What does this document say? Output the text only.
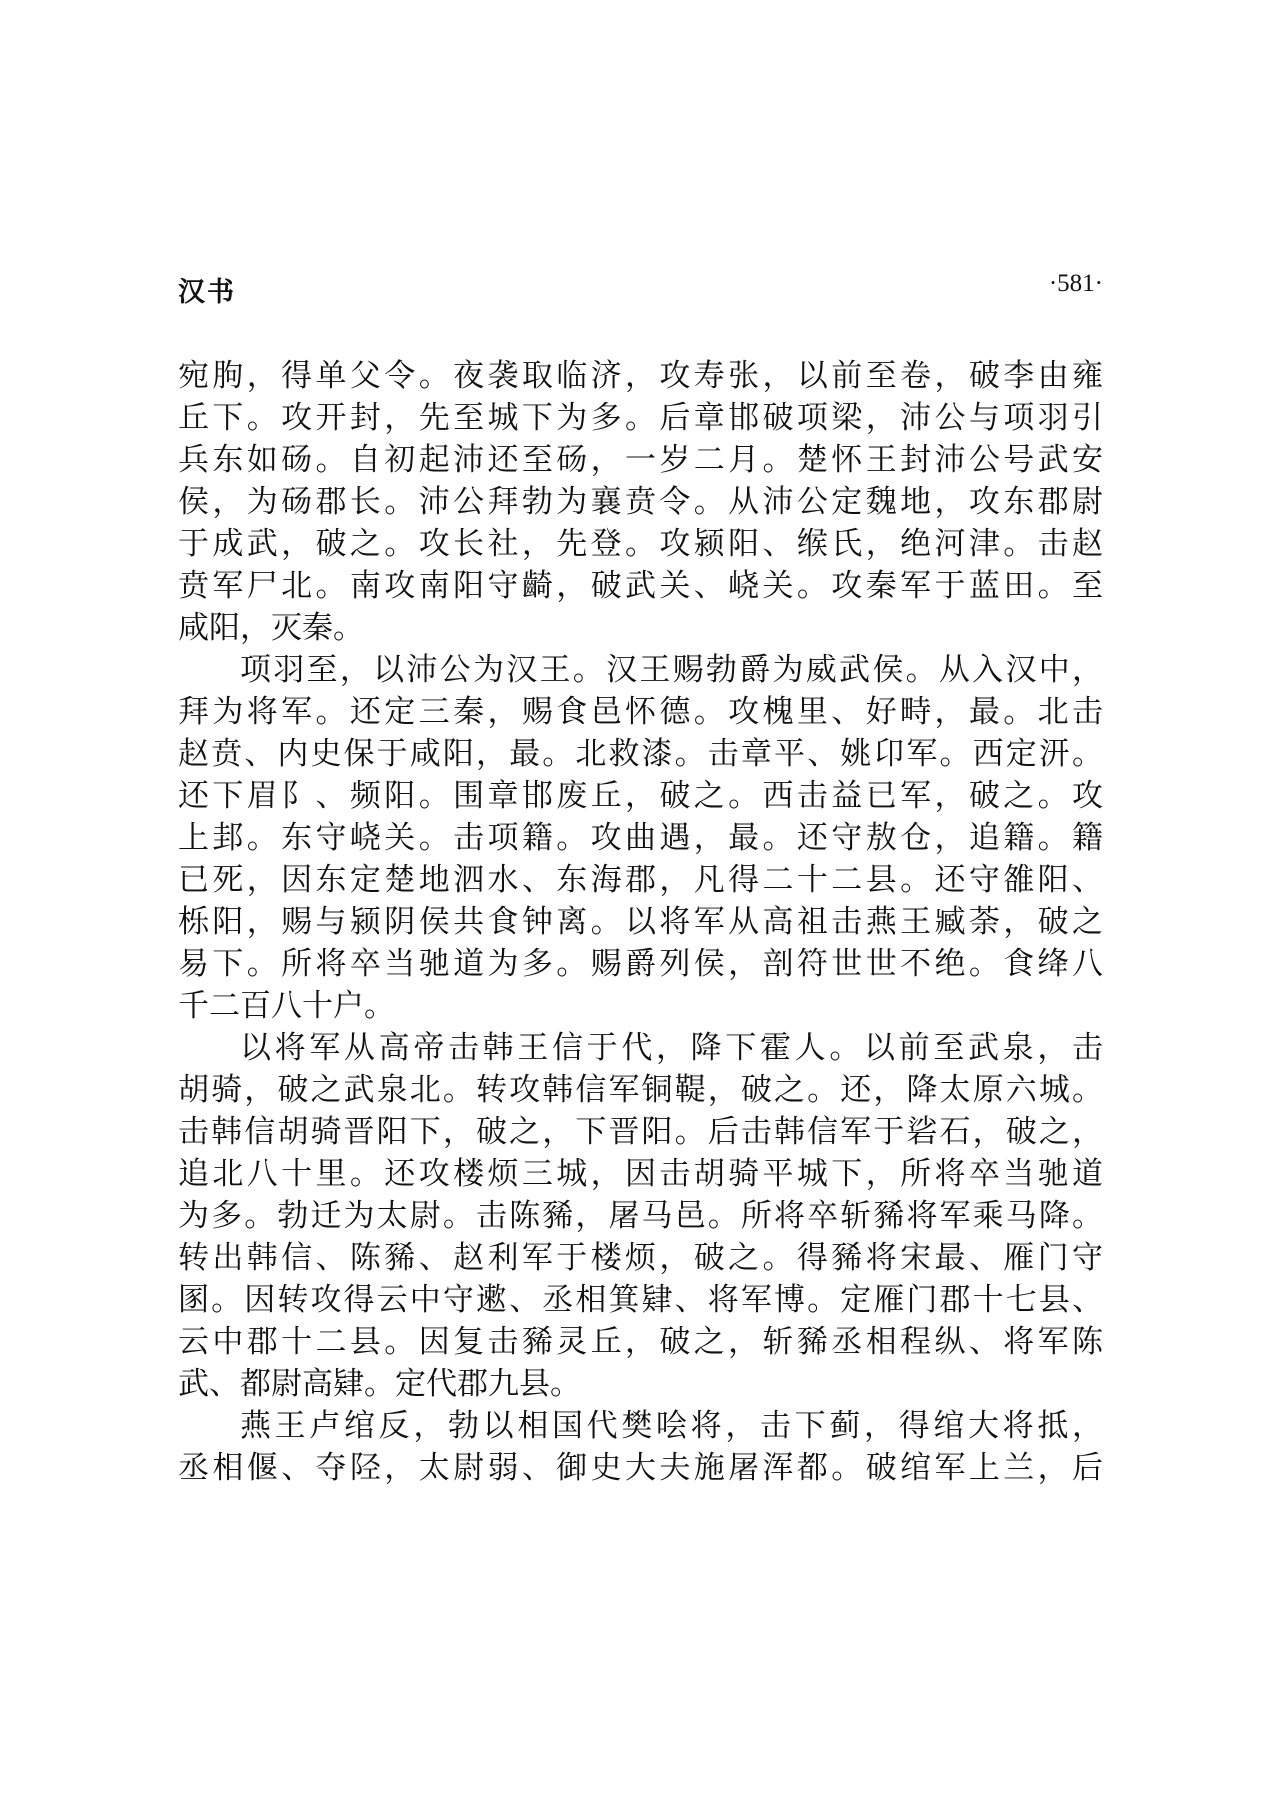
汉书	·581·
宛朐，得单父令。夜袭取临济，攻寿张，以前至卷，破李由雍
丘下。攻开封，先至城下为多。后章邯破项梁，沛公与项羽引
兵东如砀。自初起沛还至砀，一岁二月。楚怀王封沛公号武安
侯，为砀郡长。沛公拜勃为襄贲令。从沛公定魏地，攻东郡尉
于成武，破之。攻长社，先登。攻颍阳、缑氏，绝河津。击赵
贲军尸北。南攻南阳守齮，破武关、峣关。攻秦军于蓝田。至
咸阳，灭秦。
项羽至，以沛公为汉王。汉王赐勃爵为威武侯。从入汉中，
拜为将军。还定三秦，赐食邑怀德。攻槐里、好畤，最。北击
赵贲、内史保于咸阳，最。北救漆。击章平、姚卬军。西定汧。
还下眉阝、频阳。围章邯废丘，破之。西击益已军，破之。攻
上邽。东守峣关。击项籍。攻曲遇，最。还守敖仓，追籍。籍
已死，因东定楚地泗水、东海郡，凡得二十二县。还守雒阳、
栎阳，赐与颍阴侯共食钟离。以将军从高祖击燕王臧荼，破之
易下。所将卒当驰道为多。赐爵列侯，剖符世世不绝。食绛八
千二百八十户。
以将军从高帝击韩王信于代，降下霍人。以前至武泉，击
胡骑，破之武泉北。转攻韩信军铜鞮，破之。还，降太原六城。
击韩信胡骑晋阳下，破之，下晋阳。后击韩信军于硰石，破之，
追北八十里。还攻楼烦三城，因击胡骑平城下，所将卒当驰道
为多。勃迁为太尉。击陈豨，屠马邑。所将卒斩豨将军乘马降。
转出韩信、陈豨、赵利军于楼烦，破之。得豨将宋最、雁门守
圂。因转攻得云中守遬、丞相箕肄、将军博。定雁门郡十七县、
云中郡十二县。因复击豨灵丘，破之，斩豨丞相程纵、将军陈
武、都尉高肄。定代郡九县。
燕王卢绾反，勃以相国代樊哙将，击下蓟，得绾大将抵，
丞相偃、夺陉，太尉弱、御史大夫施屠浑都。破绾军上兰，后
